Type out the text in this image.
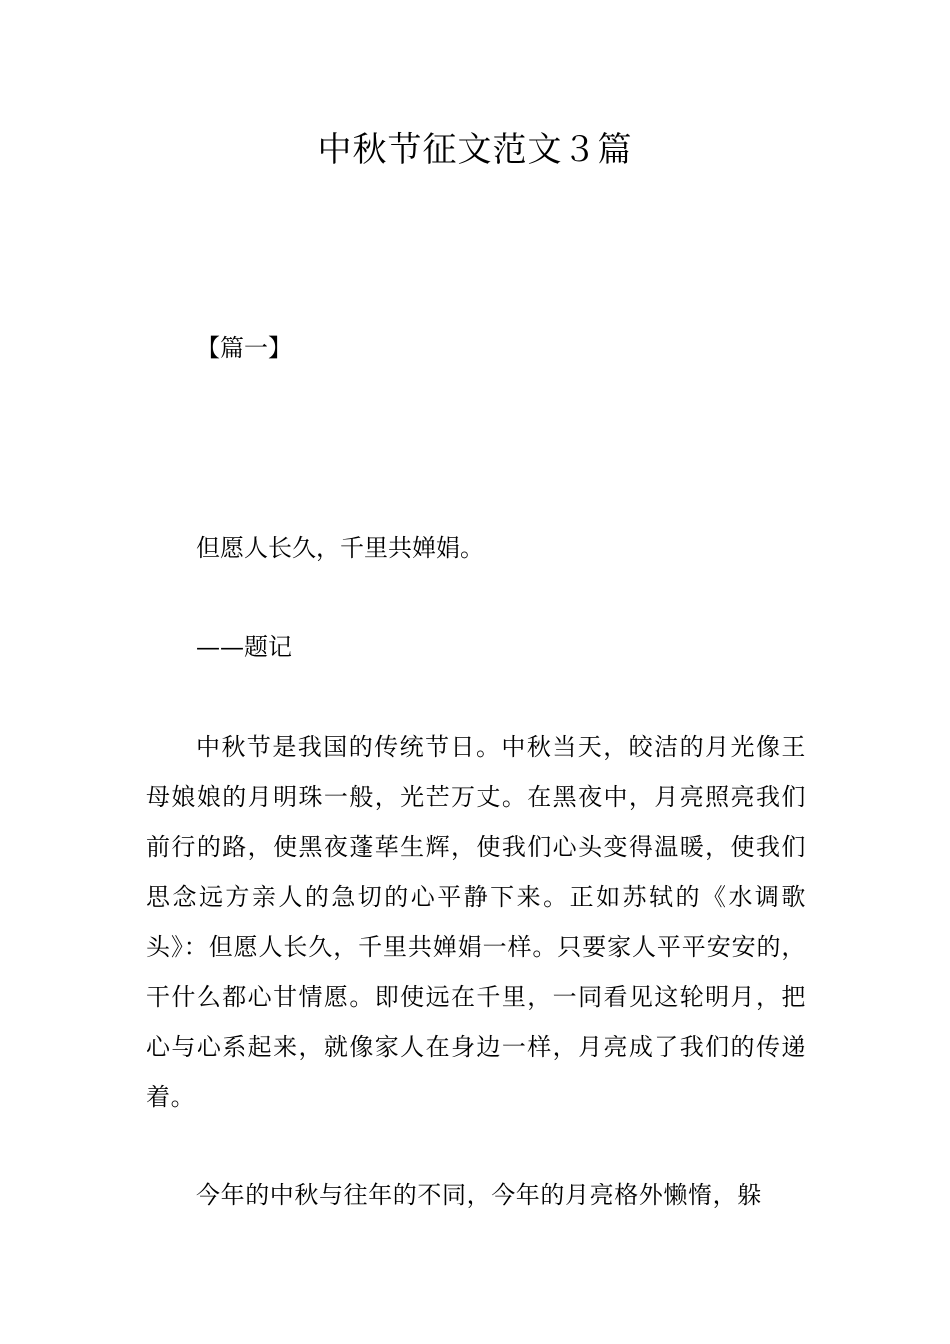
中秋节征文范文３篇
【篇一】
但愿人长久，千里共婵娟。
——题记

中秋节是我国的传统节日。中秋当天，皎洁的月光像王母娘娘的月明珠一般，光芒万丈。在黑夜中，月亮照亮我们前行的路，使黑夜蓬荜生辉，使我们心头变得温暖，使我们思念远方亲人的急切的心平静下来。正如苏轼的《水调歌头》：但愿人长久，千里共婵娟一样。只要家人平平安安的，干什么都心甘情愿。即使远在千里，一同看见这轮明月，把心与心系起来，就像家人在身边一样，月亮成了我们的传递着。

今年的中秋与往年的不同，今年的月亮格外懒惰，躲
